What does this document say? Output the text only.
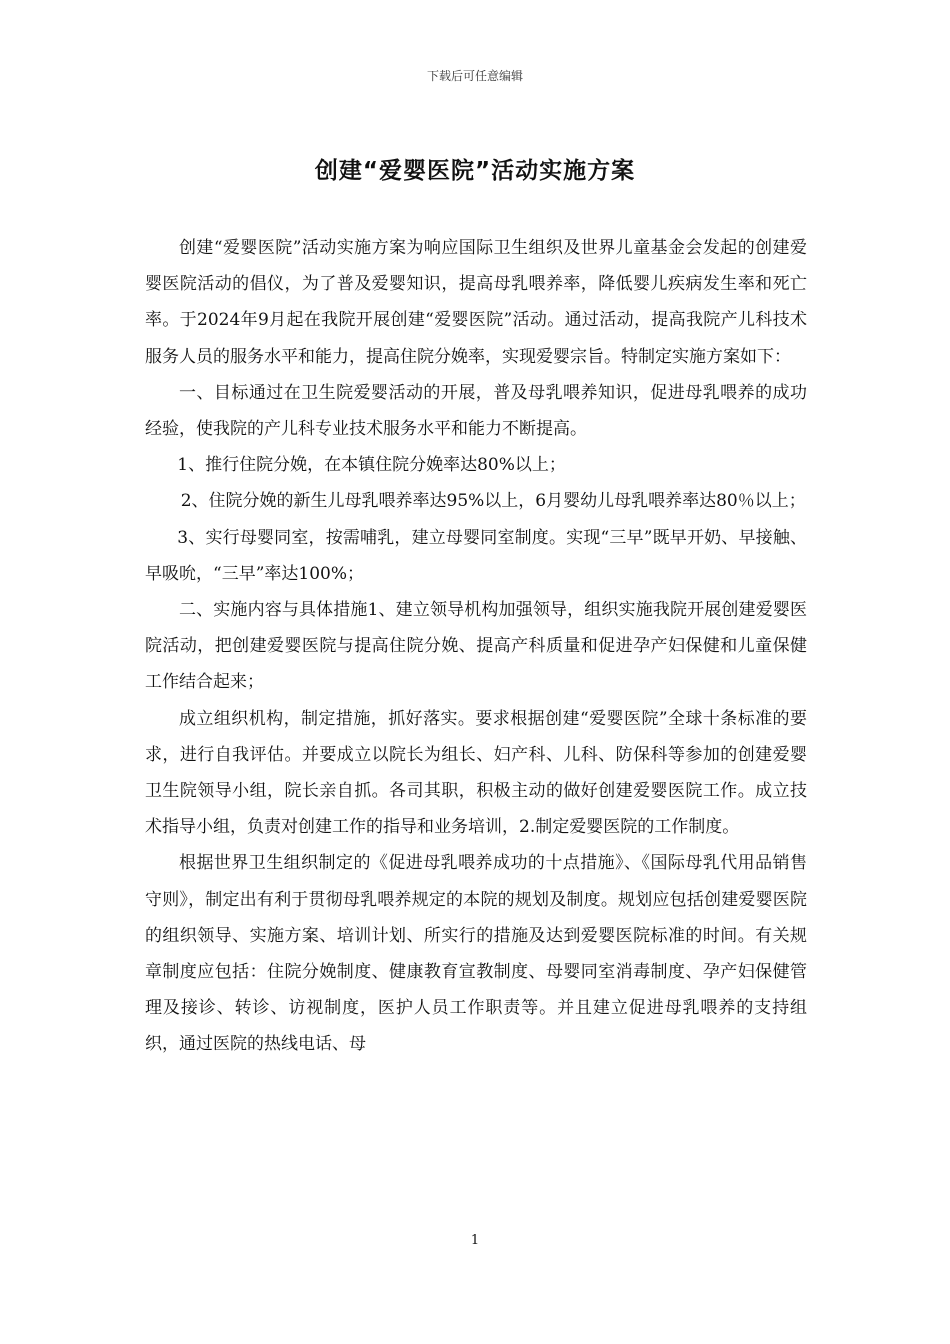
下载后可任意编辑
创建“爱婴医院”活动实施方案

创建“爱婴医院”活动实施方案为响应国际卫生组织及世界儿童基金会发起的创建爱婴医院活动的倡仪，为了普及爱婴知识，提高母乳喂养率，降低婴儿疾病发生率和死亡率。于2024年9月起在我院开展创建“爱婴医院”活动。通过活动，提高我院产儿科技术服务人员的服务水平和能力，提高住院分娩率，实现爱婴宗旨。特制定实施方案如下：

一、目标通过在卫生院爱婴活动的开展，普及母乳喂养知识，促进母乳喂养的成功经验，使我院的产儿科专业技术服务水平和能力不断提高。

1、推行住院分娩，在本镇住院分娩率达80%以上；

2、住院分娩的新生儿母乳喂养率达95%以上，6月婴幼儿母乳喂养率达80％以上；

3、实行母婴同室，按需哺乳，建立母婴同室制度。实现“三早”既早开奶、早接触、早吸吮，“三早”率达100%；

二、实施内容与具体措施1、建立领导机构加强领导，组织实施我院开展创建爱婴医院活动，把创建爱婴医院与提高住院分娩、提高产科质量和促进孕产妇保健和儿童保健工作结合起来；

成立组织机构，制定措施，抓好落实。要求根据创建“爱婴医院”全球十条标准的要求，进行自我评估。并要成立以院长为组长、妇产科、儿科、防保科等参加的创建爱婴卫生院领导小组，院长亲自抓。各司其职，积极主动的做好创建爱婴医院工作。成立技术指导小组，负责对创建工作的指导和业务培训，2.制定爱婴医院的工作制度。

根据世界卫生组织制定的《促进母乳喂养成功的十点措施》、《国际母乳代用品销售守则》，制定出有利于贯彻母乳喂养规定的本院的规划及制度。规划应包括创建爱婴医院的组织领导、实施方案、培训计划、所实行的措施及达到爱婴医院标准的时间。有关规章制度应包括：住院分娩制度、健康教育宣教制度、母婴同室消毒制度、孕产妇保健管理及接诊、转诊、访视制度，医护人员工作职责等。并且建立促进母乳喂养的支持组织，通过医院的热线电话、母

1
